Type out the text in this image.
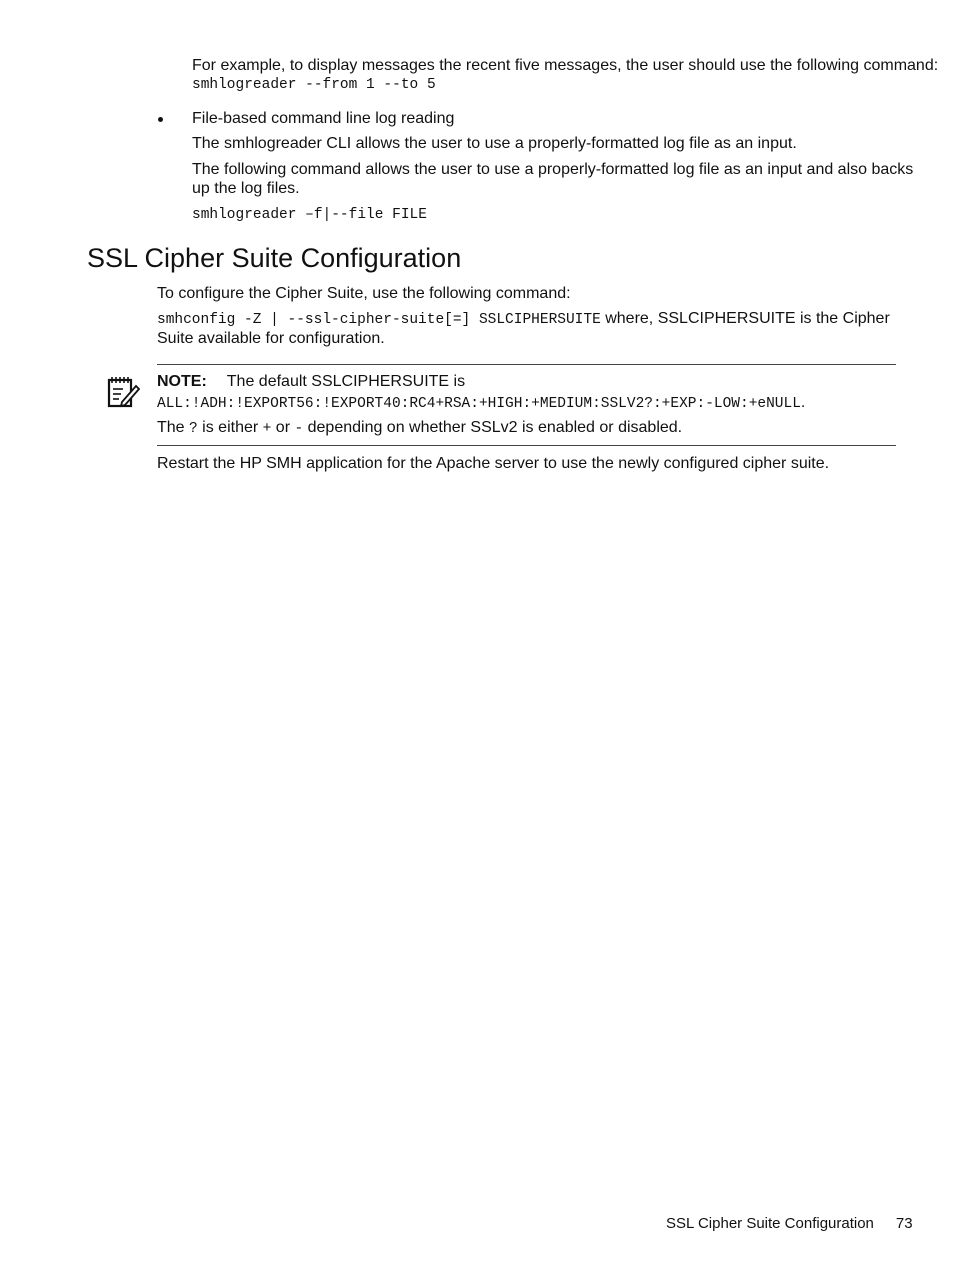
For example, to display messages the recent five messages, the user should use the following command:
smhlogreader --from 1 --to 5
File-based command line log reading
The smhlogreader CLI allows the user to use a properly-formatted log file as an input.
The following command allows the user to use a properly-formatted log file as an input and also backs
up the log files.
smhlogreader –f|--file FILE
SSL Cipher Suite Configuration
To configure the Cipher Suite, use the following command:
smhconfig -Z | --ssl-cipher-suite[=] SSLCIPHERSUITE where, SSLCIPHERSUITE is the Cipher
Suite available for configuration.
NOTE: The default SSLCIPHERSUITE is
ALL:!ADH:!EXPORT56:!EXPORT40:RC4+RSA:+HIGH:+MEDIUM:SSLV2?:+EXP:-LOW:+eNULL.
The ? is either + or - depending on whether SSLv2 is enabled or disabled.
Restart the HP SMH application for the Apache server to use the newly configured cipher suite.
SSL Cipher Suite Configuration 73
